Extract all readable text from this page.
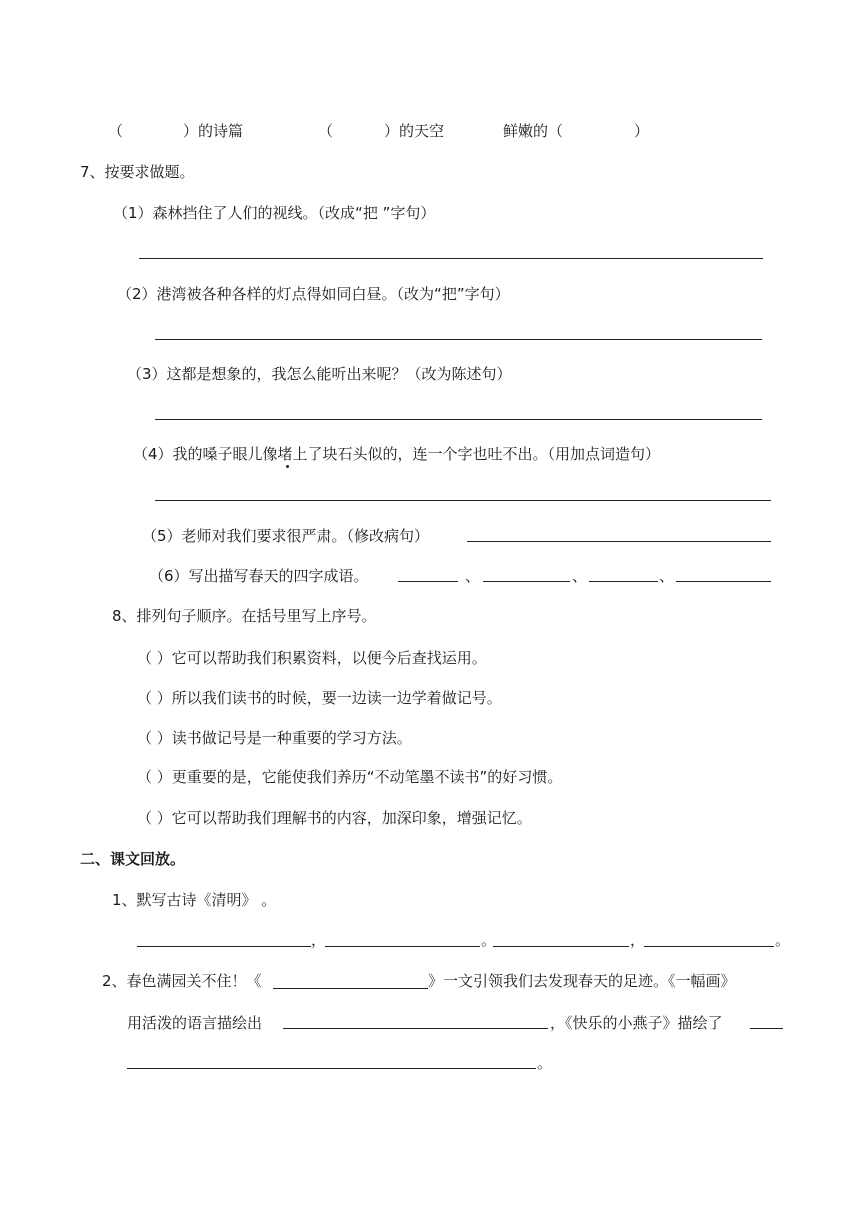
（	）的诗篇	（	）的天空	鲜嫩的（	）
7、按要求做题。
（1）森林挡住了人们的视线。（改成“把 ”字句）
（2）港湾被各种各样的灯点得如同白昼。（改为“把”字句）
（3）这都是想象的，我怎么能听出来呢？（改为陈述句）
（4）我的嗓子眼儿像堵上了块石头似的，连一个字也吐不出。（用加点词造句）
（5）老师对我们要求很严肃。（修改病句）
（6）写出描写春天的四字成语。	、	、	、
8、排列句子顺序。在括号里写上序号。
（ ）它可以帮助我们积累资料，以便今后查找运用。
（ ）所以我们读书的时候，要一边读一边学着做记号。
（ ）读书做记号是一种重要的学习方法。
（ ）更重要的是，它能使我们养历“不动笔墨不读书”的好习惯。
（ ）它可以帮助我们理解书的内容，加深印象，增强记忆。
二、课文回放。
1、默写古诗《清明》 。
，	。	，	。
2、春色满园关不住！《	》一文引领我们去发现春天的足迹。《一幅画》
用活泼的语言描绘出	，《快乐的小燕子》描绘了
。
